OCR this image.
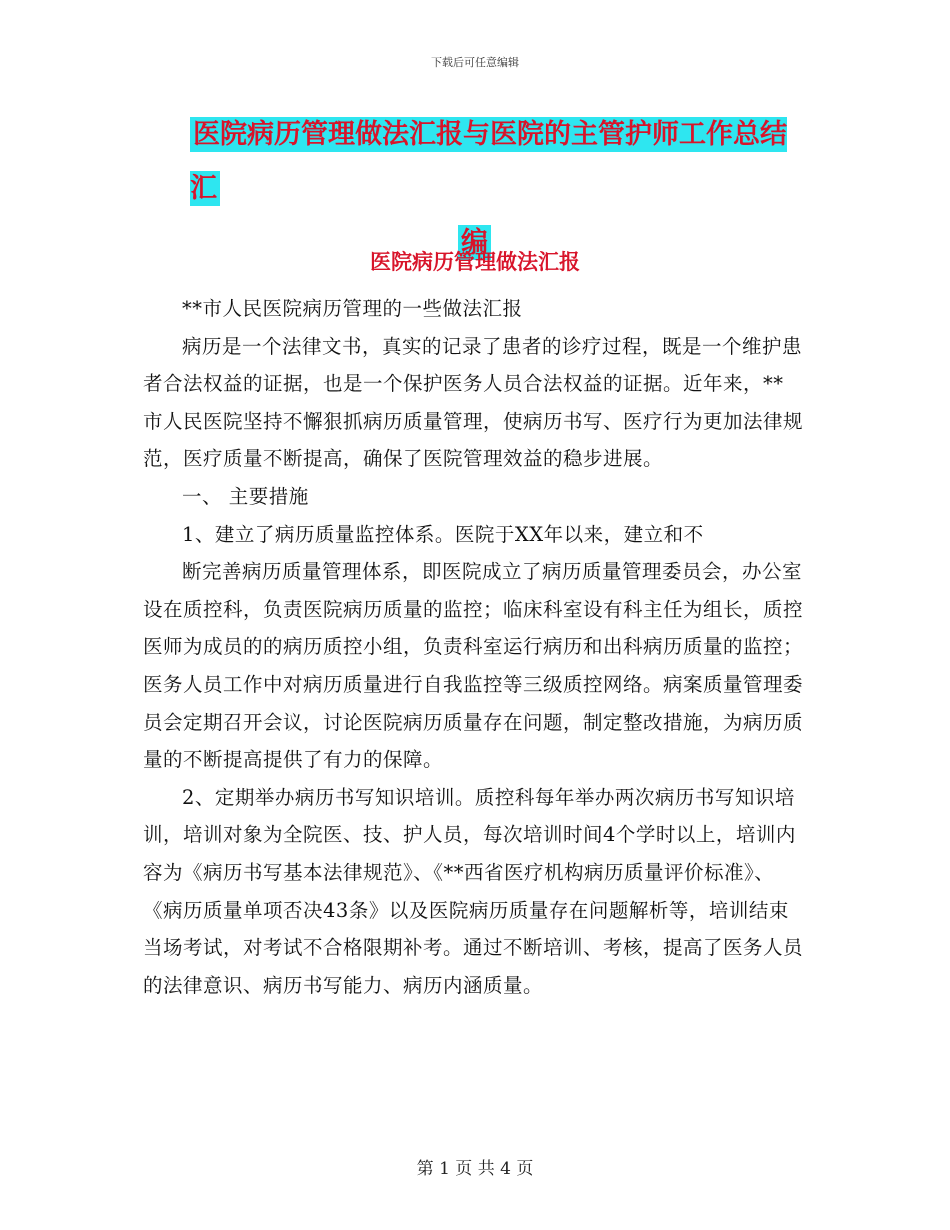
下载后可任意编辑
医院病历管理做法汇报与医院的主管护师工作总结汇
编
医院病历管理做法汇报

**市人民医院病历管理的一些做法汇报

病历是一个法律文书，真实的记录了患者的诊疗过程，既是一个维护患者合法权益的证据，也是一个保护医务人员合法权益的证据。近年来，**市人民医院坚持不懈狠抓病历质量管理，使病历书写、医疗行为更加法律规范，医疗质量不断提高，确保了医院管理效益的稳步进展。

一、 主要措施

1、建立了病历质量监控体系。医院于XX年以来，建立和不

断完善病历质量管理体系，即医院成立了病历质量管理委员会，办公室设在质控科，负责医院病历质量的监控；临床科室设有科主任为组长，质控医师为成员的的病历质控小组，负责科室运行病历和出科病历质量的监控；医务人员工作中对病历质量进行自我监控等三级质控网络。病案质量管理委员会定期召开会议，讨论医院病历质量存在问题，制定整改措施，为病历质量的不断提高提供了有力的保障。

2、定期举办病历书写知识培训。质控科每年举办两次病历书写知识培训，培训对象为全院医、技、护人员，每次培训时间4个学时以上，培训内容为《病历书写基本法律规范》、《**西省医疗机构病历质量评价标准》、《病历质量单项否决43条》以及医院病历质量存在问题解析等，培训结束当场考试，对考试不合格限期补考。通过不断培训、考核，提高了医务人员的法律意识、病历书写能力、病历内涵质量。

第 1 页 共 4 页
